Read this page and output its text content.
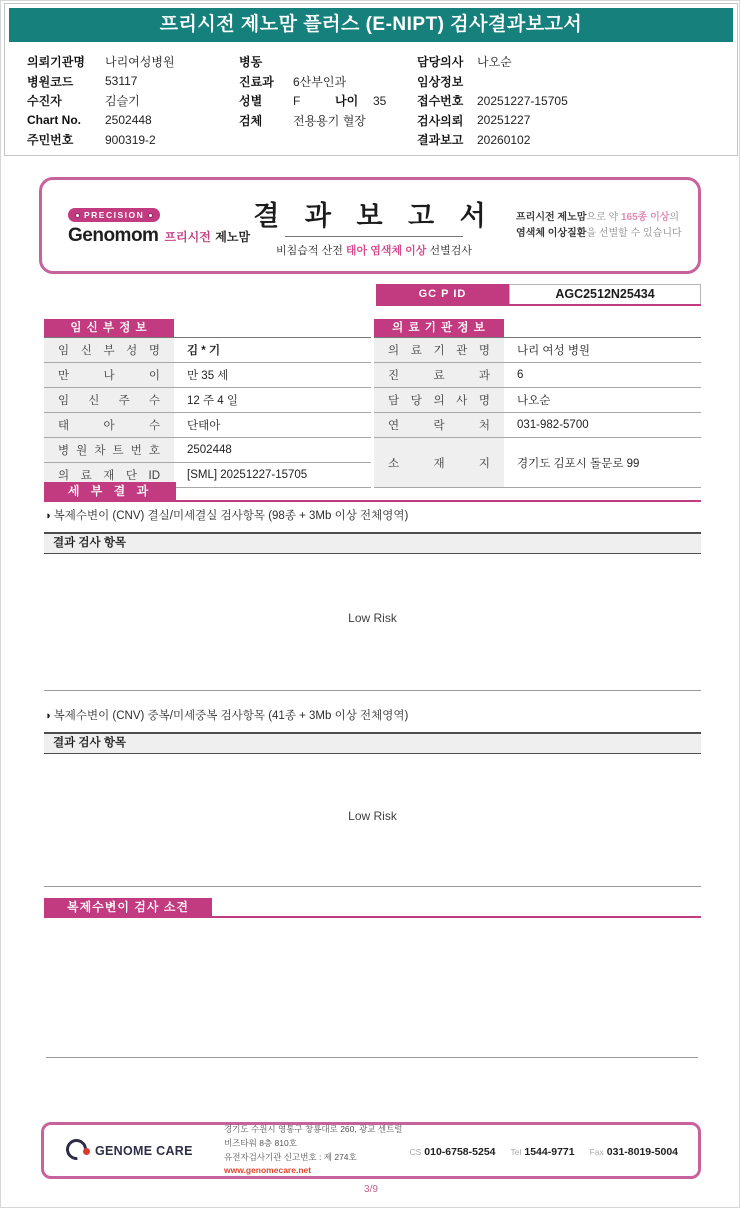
프리시전 제노맘 플러스 (E-NIPT) 검사결과보고서
의뢰기관명	나리여성병원
병원코드	53117
수진자	김슬기
Chart No.	2502448
주민번호	900319-2
병동
진료과	6산부인과
성별	F	나이	35
검체	전용용기 혈장
담당의사	나오순
임상정보
접수번호	20251227-15705
검사의뢰	20251227
결과보고	20260102
PRECISION
Genomom 프리시전 제노맘
결 과 보 고 서
비침습적 산전 태아 염색체 이상 선별검사
프리시전 제노맘으로 약 165종 이상의
염색체 이상질환을 선별할 수 있습니다
GC P ID	AGC2512N25434
임 신 부 정 보
임 신 부 성 명	김 * 기
만 나 이	만 35 세
임 신 주 수	12 주 4 일
태 아 수	단태아
병 원 차 트 번 호	2502448
의 료 재 단 ID	[SML] 20251227-15705
의 료 기 관 정 보
의 료 기 관 명	나리 여성 병원
진 료 과	6
담 당 의 사 명	나오순
연 락 처	031-982-5700
소 재 지	경기도 김포시 돌문로 99
세 부 결 과
◑ 복제수변이 (CNV) 결실/미세결실 검사항목 (98종 + 3Mb 이상 전체영역)
결과 검사 항목
Low Risk
◑ 복제수변이 (CNV) 중복/미세중복 검사항목 (41종 + 3Mb 이상 전체영역)
결과 검사 항목
Low Risk
복제수변이 검사 소견
GENOME CARE
경기도 수원시 영통구 창룡대로 260, 광교 센트럴비즈타워 8층 810호
유전자검사기관 신고번호 : 제 274호
www.genomecare.net
CS 010-6758-5254 Tel 1544-9771 Fax 031-8019-5004
3/9
